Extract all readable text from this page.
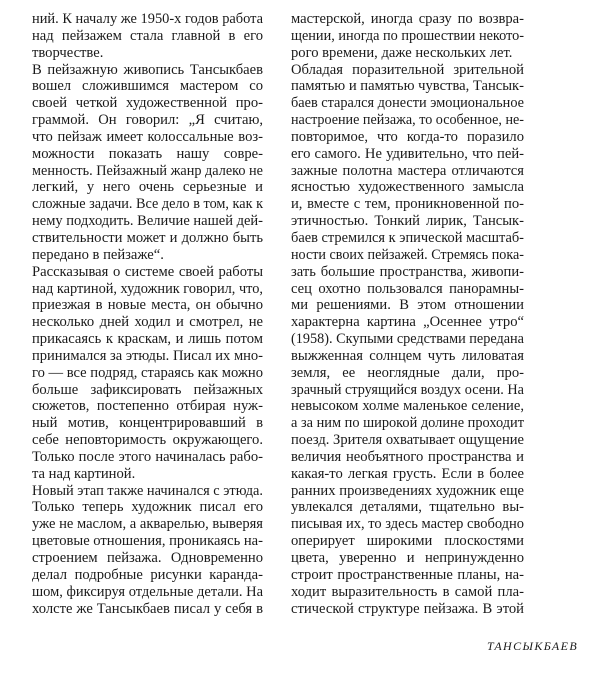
ний. К началу же 1950-х годов работа
над пейзажем стала главной в его
творчестве.
В пейзажную живопись Тансыкбаев
вошел сложившимся мастером со
своей четкой художественной про-
граммой. Он говорил: „Я считаю,
что пейзаж имеет колоссальные воз-
можности показать нашу совре-
менность. Пейзажный жанр далеко не
легкий, у него очень серьезные и
сложные задачи. Все дело в том, как к
нему подходить. Величие нашей дей-
ствительности может и должно быть
передано в пейзаже“.
Рассказывая о системе своей работы
над картиной, художник говорил, что,
приезжая в новые места, он обычно
несколько дней ходил и смотрел, не
прикасаясь к краскам, и лишь потом
принимался за этюды. Писал их мно-
го — все подряд, стараясь как можно
больше зафиксировать пейзажных
сюжетов, постепенно отбирая нуж-
ный мотив, концентрировавший в
себе неповторимость окружающего.
Только после этого начиналась рабо-
та над картиной.
Новый этап также начинался с этюда.
Только теперь художник писал его
уже не маслом, а акварелью, выверяя
цветовые отношения, проникаясь на-
строением пейзажа. Одновременно
делал подробные рисунки каранда-
шом, фиксируя отдельные детали. На
холсте же Тансыкбаев писал у себя в
мастерской, иногда сразу по возвра-
щении, иногда по прошествии некото-
рого времени, даже нескольких лет.
Обладая поразительной зрительной
памятью и памятью чувства, Тансык-
баев старался донести эмоциональное
настроение пейзажа, то особенное, не-
повторимое, что когда-то поразило
его самого. Не удивительно, что пей-
зажные полотна мастера отличаются
ясностью художественного замысла
и, вместе с тем, проникновенной по-
этичностью. Тонкий лирик, Тансык-
баев стремился к эпической масштаб-
ности своих пейзажей. Стремясь пока-
зать большие пространства, живопи-
сец охотно пользовался панорамны-
ми решениями. В этом отношении
характерна картина „Осеннее утро“
(1958). Скупыми средствами передана
выжженная солнцем чуть лиловатая
земля, ее неоглядные дали, про-
зрачный струящийся воздух осени. На
невысоком холме маленькое селение,
а за ним по широкой долине проходит
поезд. Зрителя охватывает ощущение
величия необъятного пространства и
какая-то легкая грусть. Если в более
ранних произведениях художник еще
увлекался деталями, тщательно вы-
писывая их, то здесь мастер свободно
оперирует широкими плоскостями
цвета, уверенно и непринужденно
строит пространственные планы, на-
ходит выразительность в самой пла-
стической структуре пейзажа. В этой
ТАНСЫКБАЕВ
